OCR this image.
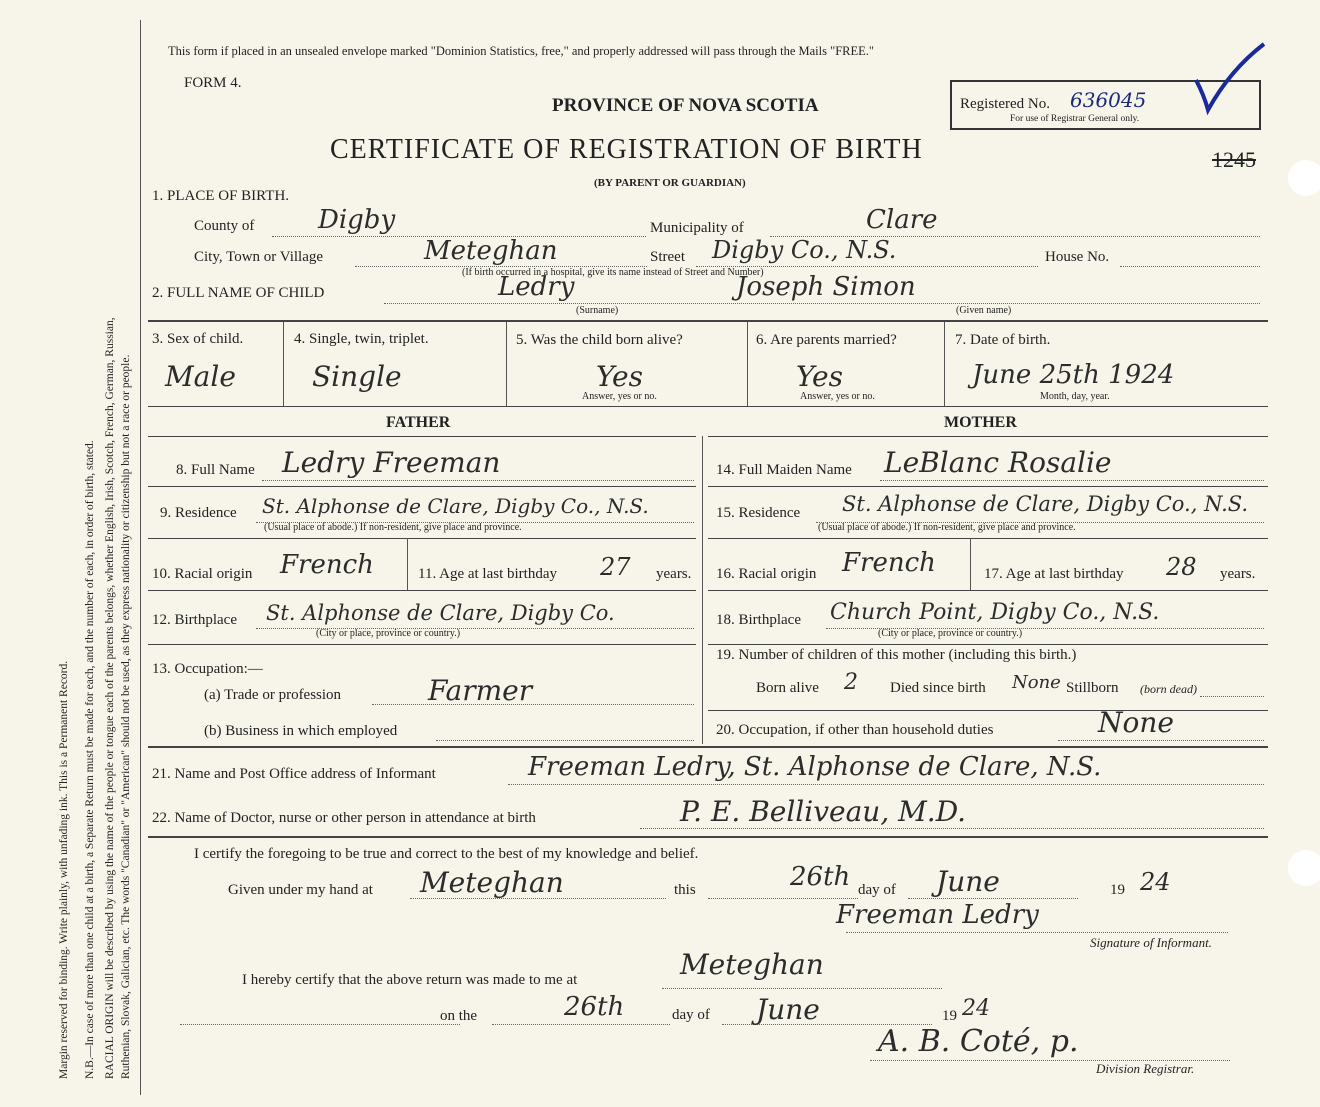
Margin reserved for binding. Write plainly, with unfading ink. This is a Permanent Record. N.B.—In case of more than one child at a birth, a Separate Return must be made for each, and the number of each, in order of birth, stated. RACIAL ORIGIN will be described by using the name of the people or tongue each of the parents belongs, whether English, Irish, Scotch, French, German, Russian, Ruthenian, Slovak, Galician, etc. The words "Canadian" or "American" should not be used, as they express nationality or citizenship but not a race or people.
This form if placed in an unsealed envelope marked "Dominion Statistics, free," and properly addressed will pass through the Mails "FREE."
FORM 4.
PROVINCE OF NOVA SCOTIA
CERTIFICATE OF REGISTRATION OF BIRTH
(BY PARENT OR GUARDIAN)
Registered No. 636045
For use of Registrar General only.
1245
1. PLACE OF BIRTH.
County of Digby	Municipality of	Clare
City, Town or Village	Meteghan	Street Digby Co., N.S.	House No.
(If birth occurred in a hospital, give its name instead of Street and Number)
2. FULL NAME OF CHILD	Ledry	Joseph Simon
(Surname)	(Given name)
3. Sex of child.
Male
4. Single, twin, triplet.
Single
5. Was the child born alive?
Yes
Answer, yes or no.
6. Are parents married?
Yes
Answer, yes or no.
7. Date of birth.
June 25th 1924
Month, day, year.
FATHER	MOTHER
8. Full Name Ledry Freeman
9. Residence St. Alphonse de Clare, Digby Co., N.S.
(Usual place of abode.) If non-resident, give place and province.
10. Racial origin French	11. Age at last birthday 27 years.
12. Birthplace St. Alphonse de Clare, Digby Co.
(City or place, province or country.)
13. Occupation:—
(a) Trade or profession	Farmer
(b) Business in which employed
14. Full Maiden Name LeBlanc Rosalie
15. Residence St. Alphonse de Clare, Digby Co., N.S.
(Usual place of abode.) If non-resident, give place and province.
16. Racial origin French	17. Age at last birthday 28 years.
18. Birthplace Church Point, Digby Co., N.S.
(City or place, province or country.)
19. Number of children of this mother (including this birth.)
Born alive 2 Died since birth None Stillborn (born dead)
20. Occupation, if other than household duties	None
21. Name and Post Office address of Informant	Freeman Ledry, St. Alphonse de Clare, N.S.
22. Name of Doctor, nurse or other person in attendance at birth	P. E. Belliveau, M.D.
I certify the foregoing to be true and correct to the best of my knowledge and belief.
Given under my hand at Meteghan	this	26th day of June	19 24
Freeman Ledry
Signature of Informant.
I hereby certify that the above return was made to me at	Meteghan
on the	26th	day of June	19 24
A. B. Coté, p.
Division Registrar.
